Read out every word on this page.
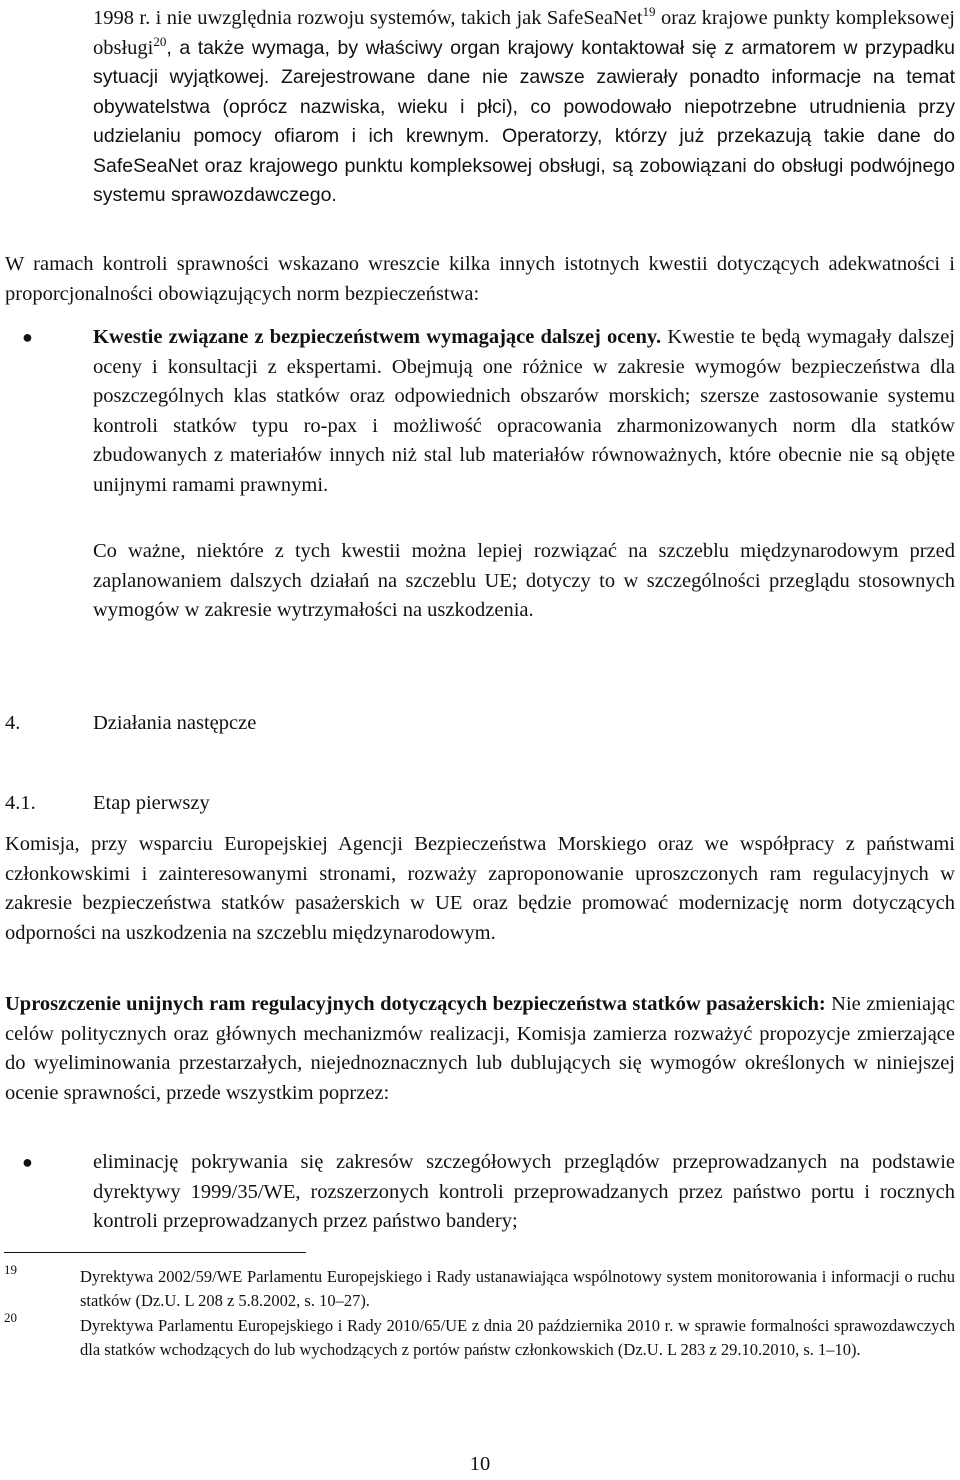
1998 r. i nie uwzględnia rozwoju systemów, takich jak SafeSeaNet$^{19}$ oraz krajowe punkty kompleksowej obsługi$^{20}$, a także wymaga, by właściwy organ krajowy kontaktował się z armatorem w przypadku sytuacji wyjątkowej. Zarejestrowane dane nie zawsze zawierały ponadto informacje na temat obywatelstwa (oprócz nazwiska, wieku i płci), co powodowało niepotrzebne utrudnienia przy udzielaniu pomocy ofiarom i ich krewnym. Operatorzy, którzy już przekazują takie dane do SafeSeaNet oraz krajowego punktu kompleksowej obsługi, są zobowiązani do obsługi podwójnego systemu sprawozdawczego.

W ramach kontroli sprawności wskazano wreszcie kilka innych istotnych kwestii dotyczących adekwatności i proporcjonalności obowiązujących norm bezpieczeństwa:

●	Kwestie związane z bezpieczeństwem wymagające dalszej oceny. Kwestie te będą wymagały dalszej oceny i konsultacji z ekspertami. Obejmują one różnice w zakresie wymogów bezpieczeństwa dla poszczególnych klas statków oraz odpowiednich obszarów morskich; szersze zastosowanie systemu kontroli statków typu ro-pax i możliwość opracowania zharmonizowanych norm dla statków zbudowanych z materiałów innych niż stal lub materiałów równoważnych, które obecnie nie są objęte unijnymi ramami prawnymi.

Co ważne, niektóre z tych kwestii można lepiej rozwiązać na szczeblu międzynarodowym przed zaplanowaniem dalszych działań na szczeblu UE; dotyczy to w szczególności przeglądu stosownych wymogów w zakresie wytrzymałości na uszkodzenia.

4.	Działania następcze
4.1.	Etap pierwszy

Komisja, przy wsparciu Europejskiej Agencji Bezpieczeństwa Morskiego oraz we współpracy z państwami członkowskimi i zainteresowanymi stronami, rozważy zaproponowanie uproszczonych ram regulacyjnych w zakresie bezpieczeństwa statków pasażerskich w UE oraz będzie promować modernizację norm dotyczących odporności na uszkodzenia na szczeblu międzynarodowym.

Uproszczenie unijnych ram regulacyjnych dotyczących bezpieczeństwa statków pasażerskich: Nie zmieniając celów politycznych oraz głównych mechanizmów realizacji, Komisja zamierza rozważyć propozycje zmierzające do wyeliminowania przestarzałych, niejednoznacznych lub dublujących się wymogów określonych w niniejszej ocenie sprawności, przede wszystkim poprzez:

●	eliminację pokrywania się zakresów szczegółowych przeglądów przeprowadzanych na podstawie dyrektywy 1999/35/WE, rozszerzonych kontroli przeprowadzanych przez państwo portu i rocznych kontroli przeprowadzanych przez państwo bandery;

19	Dyrektywa 2002/59/WE Parlamentu Europejskiego i Rady ustanawiająca wspólnotowy system monitorowania i informacji o ruchu statków (Dz.U. L 208 z 5.8.2002, s. 10–27).

20	Dyrektywa Parlamentu Europejskiego i Rady 2010/65/UE z dnia 20 października 2010 r. w sprawie formalności sprawozdawczych dla statków wchodzących do lub wychodzących z portów państw członkowskich (Dz.U. L 283 z 29.10.2010, s. 1–10).

10
